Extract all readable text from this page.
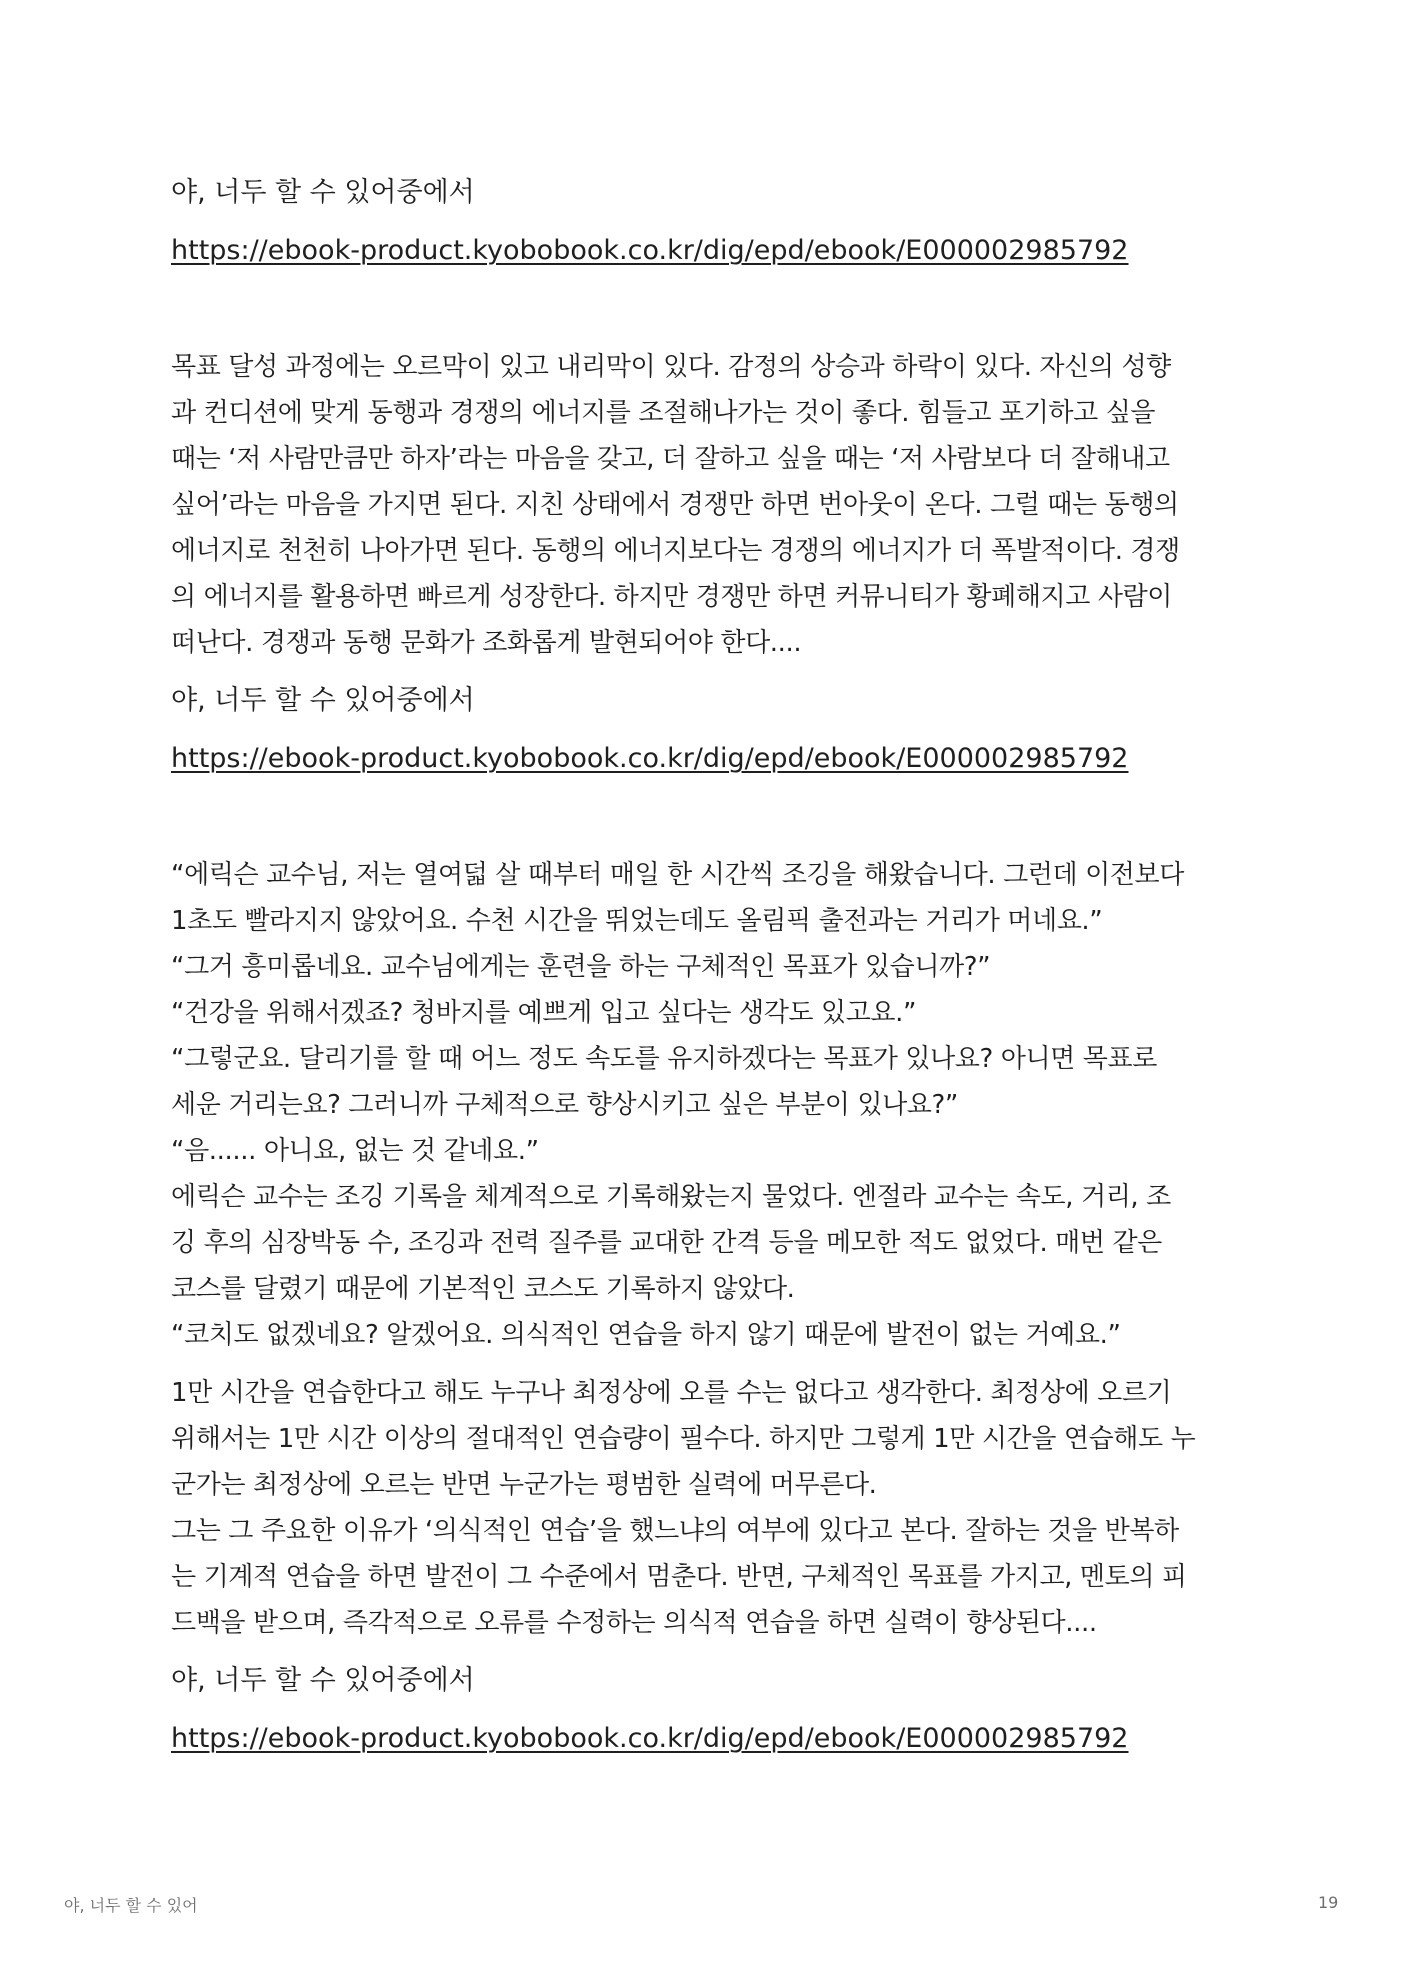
야, 너두 할 수 있어중에서

https://ebook-product.kyobobook.co.kr/dig/epd/ebook/E000002985792

목표 달성 과정에는 오르막이 있고 내리막이 있다. 감정의 상승과 하락이 있다. 자신의 성향
과 컨디션에 맞게 동행과 경쟁의 에너지를 조절해나가는 것이 좋다. 힘들고 포기하고 싶을
때는 ‘저 사람만큼만 하자’라는 마음을 갖고, 더 잘하고 싶을 때는 ‘저 사람보다 더 잘해내고
싶어’라는 마음을 가지면 된다. 지친 상태에서 경쟁만 하면 번아웃이 온다. 그럴 때는 동행의
에너지로 천천히 나아가면 된다. 동행의 에너지보다는 경쟁의 에너지가 더 폭발적이다. 경쟁
의 에너지를 활용하면 빠르게 성장한다. 하지만 경쟁만 하면 커뮤니티가 황폐해지고 사람이
떠난다. 경쟁과 동행 문화가 조화롭게 발현되어야 한다....

야, 너두 할 수 있어중에서

https://ebook-product.kyobobook.co.kr/dig/epd/ebook/E000002985792

“에릭슨 교수님, 저는 열여덟 살 때부터 매일 한 시간씩 조깅을 해왔습니다. 그런데 이전보다
1초도 빨라지지 않았어요. 수천 시간을 뛰었는데도 올림픽 출전과는 거리가 머네요.”
“그거 흥미롭네요. 교수님에게는 훈련을 하는 구체적인 목표가 있습니까?”
“건강을 위해서겠죠? 청바지를 예쁘게 입고 싶다는 생각도 있고요.”
“그렇군요. 달리기를 할 때 어느 정도 속도를 유지하겠다는 목표가 있나요? 아니면 목표로
세운 거리는요? 그러니까 구체적으로 향상시키고 싶은 부분이 있나요?”
“음...... 아니요, 없는 것 같네요.”
에릭슨 교수는 조깅 기록을 체계적으로 기록해왔는지 물었다. 엔절라 교수는 속도, 거리, 조
깅 후의 심장박동 수, 조깅과 전력 질주를 교대한 간격 등을 메모한 적도 없었다. 매번 같은
코스를 달렸기 때문에 기본적인 코스도 기록하지 않았다.
“코치도 없겠네요? 알겠어요. 의식적인 연습을 하지 않기 때문에 발전이 없는 거예요.”

1만 시간을 연습한다고 해도 누구나 최정상에 오를 수는 없다고 생각한다. 최정상에 오르기
위해서는 1만 시간 이상의 절대적인 연습량이 필수다. 하지만 그렇게 1만 시간을 연습해도 누
군가는 최정상에 오르는 반면 누군가는 평범한 실력에 머무른다.
그는 그 주요한 이유가 ‘의식적인 연습’을 했느냐의 여부에 있다고 본다. 잘하는 것을 반복하
는 기계적 연습을 하면 발전이 그 수준에서 멈춘다. 반면, 구체적인 목표를 가지고, 멘토의 피
드백을 받으며, 즉각적으로 오류를 수정하는 의식적 연습을 하면 실력이 향상된다....

야, 너두 할 수 있어중에서

https://ebook-product.kyobobook.co.kr/dig/epd/ebook/E000002985792
야, 너두 할 수 있어	19
